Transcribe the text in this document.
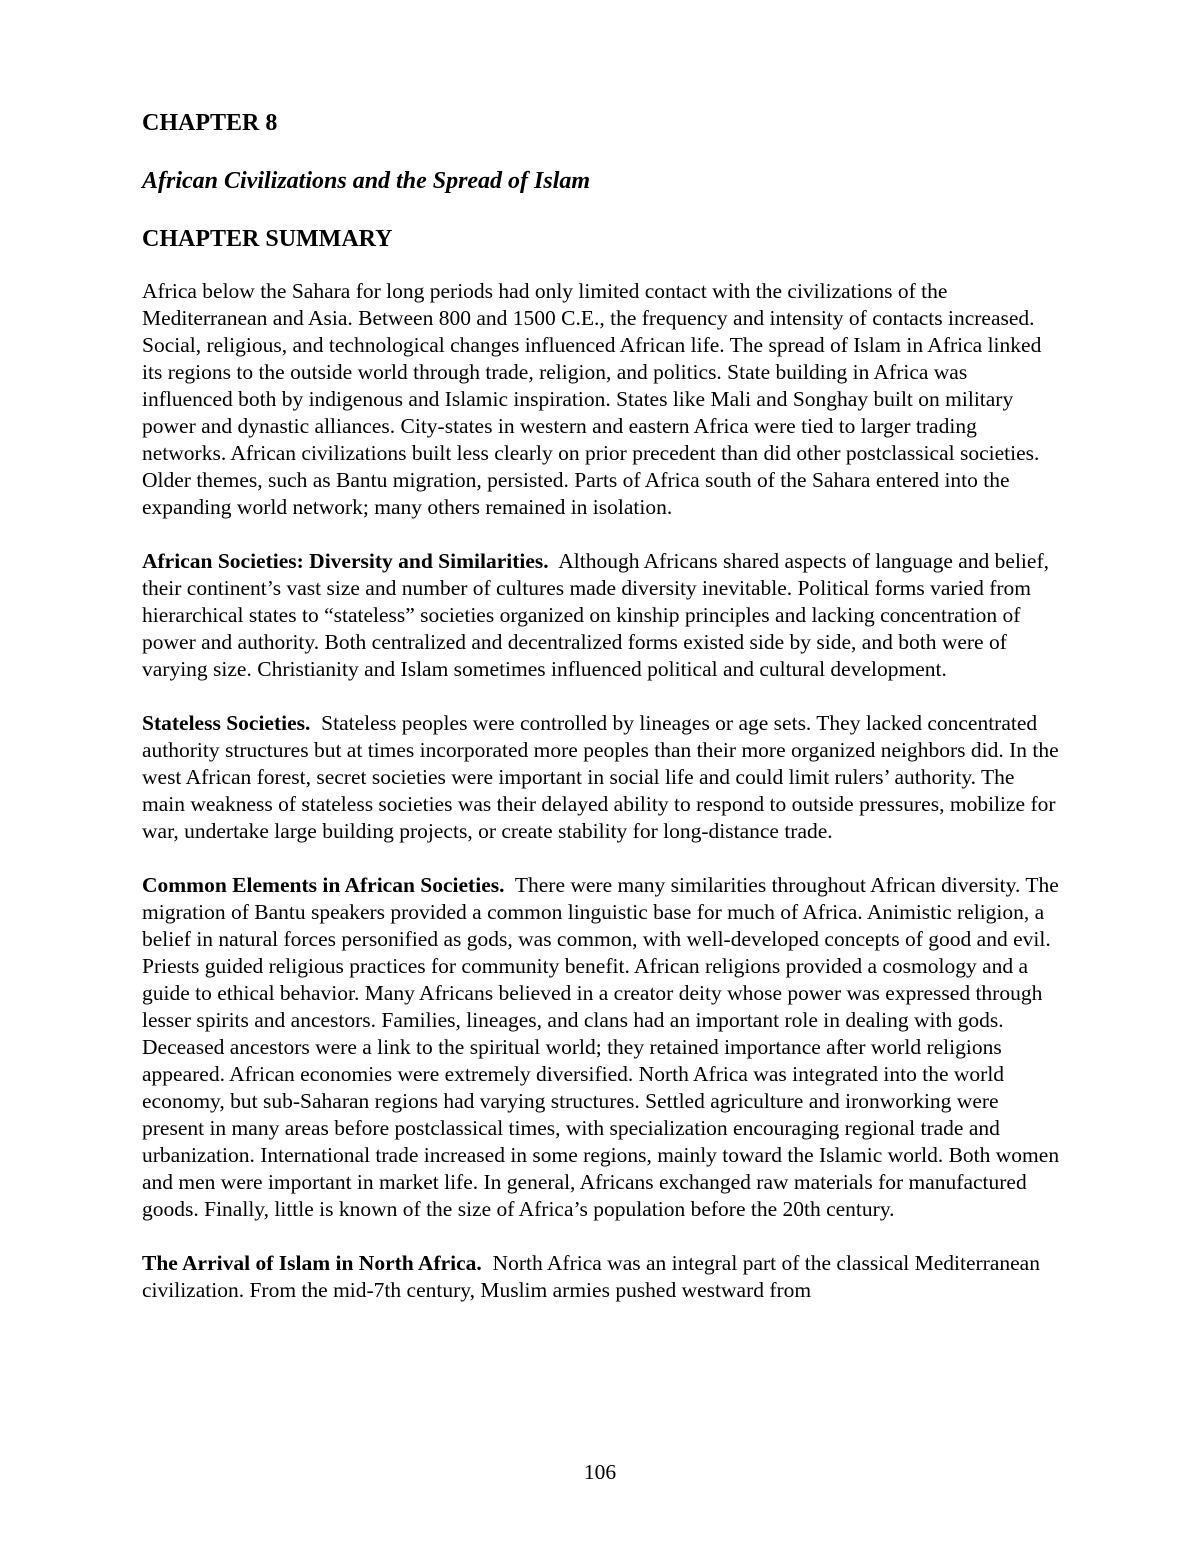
CHAPTER 8
African Civilizations and the Spread of Islam
CHAPTER SUMMARY

Africa below the Sahara for long periods had only limited contact with the civilizations of the Mediterranean and Asia. Between 800 and 1500 C.E., the frequency and intensity of contacts increased. Social, religious, and technological changes influenced African life. The spread of Islam in Africa linked its regions to the outside world through trade, religion, and politics. State building in Africa was influenced both by indigenous and Islamic inspiration. States like Mali and Songhay built on military power and dynastic alliances. City-states in western and eastern Africa were tied to larger trading networks. African civilizations built less clearly on prior precedent than did other postclassical societies. Older themes, such as Bantu migration, persisted. Parts of Africa south of the Sahara entered into the expanding world network; many others remained in isolation.

African Societies: Diversity and Similarities. Although Africans shared aspects of language and belief, their continent’s vast size and number of cultures made diversity inevitable. Political forms varied from hierarchical states to “stateless” societies organized on kinship principles and lacking concentration of power and authority. Both centralized and decentralized forms existed side by side, and both were of varying size. Christianity and Islam sometimes influenced political and cultural development.

Stateless Societies. Stateless peoples were controlled by lineages or age sets. They lacked concentrated authority structures but at times incorporated more peoples than their more organized neighbors did. In the west African forest, secret societies were important in social life and could limit rulers’ authority. The main weakness of stateless societies was their delayed ability to respond to outside pressures, mobilize for war, undertake large building projects, or create stability for long-distance trade.

Common Elements in African Societies. There were many similarities throughout African diversity. The migration of Bantu speakers provided a common linguistic base for much of Africa. Animistic religion, a belief in natural forces personified as gods, was common, with well-developed concepts of good and evil. Priests guided religious practices for community benefit. African religions provided a cosmology and a guide to ethical behavior. Many Africans believed in a creator deity whose power was expressed through lesser spirits and ancestors. Families, lineages, and clans had an important role in dealing with gods. Deceased ancestors were a link to the spiritual world; they retained importance after world religions appeared. African economies were extremely diversified. North Africa was integrated into the world economy, but sub-Saharan regions had varying structures. Settled agriculture and ironworking were present in many areas before postclassical times, with specialization encouraging regional trade and urbanization. International trade increased in some regions, mainly toward the Islamic world. Both women and men were important in market life. In general, Africans exchanged raw materials for manufactured goods. Finally, little is known of the size of Africa’s population before the 20th century.

The Arrival of Islam in North Africa. North Africa was an integral part of the classical Mediterranean civilization. From the mid-7th century, Muslim armies pushed westward from

106
